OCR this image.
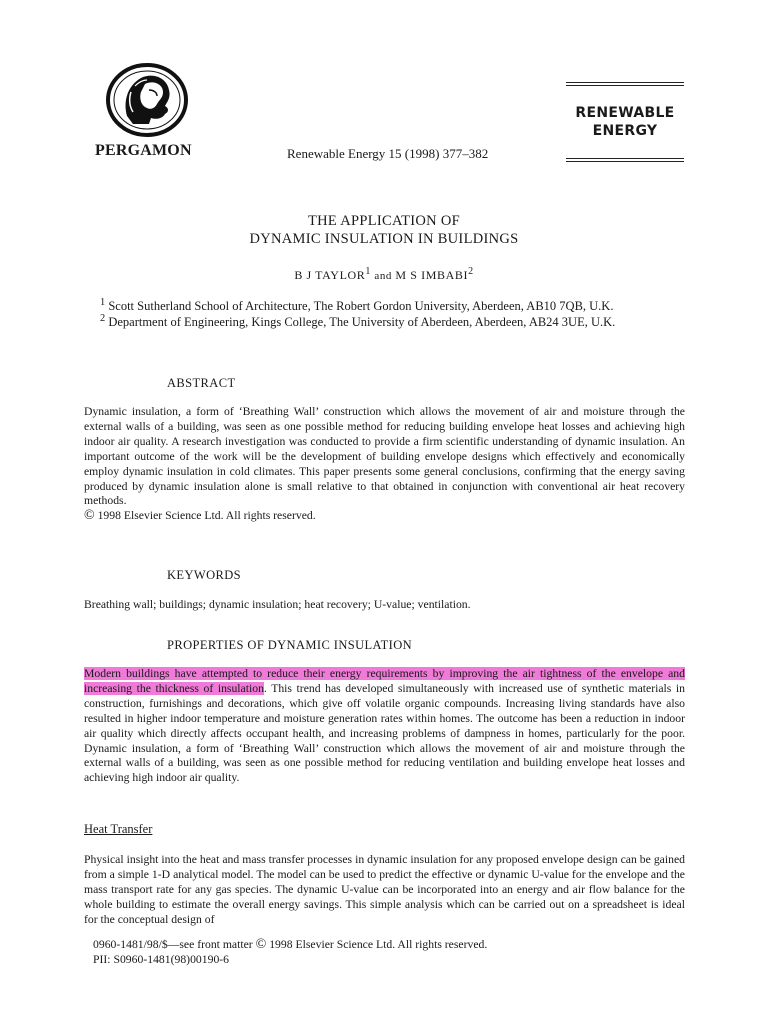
PERGAMON	Renewable Energy 15 (1998) 377–382
RENEWABLE
ENERGY
THE APPLICATION OF
DYNAMIC INSULATION IN BUILDINGS
B J TAYLOR$^1$ and M S IMBABI$^2$
$^1$ Scott Sutherland School of Architecture, The Robert Gordon University, Aberdeen, AB10 7QB, U.K.
$^2$ Department of Engineering, Kings College, The University of Aberdeen, Aberdeen, AB24 3UE, U.K.
ABSTRACT

Dynamic insulation, a form of ‘Breathing Wall’ construction which allows the movement of air and moisture through the external walls of a building, was seen as one possible method for reducing building envelope heat losses and achieving high indoor air quality. A research investigation was conducted to provide a firm scientific understanding of dynamic insulation. An important outcome of the work will be the development of building envelope designs which effectively and economically employ dynamic insulation in cold climates. This paper presents some general conclusions, confirming that the energy saving produced by dynamic insulation alone is small relative to that obtained in conjunction with conventional air heat recovery methods.
© 1998 Elsevier Science Ltd. All rights reserved.

KEYWORDS

Breathing wall; buildings; dynamic insulation; heat recovery; U-value; ventilation.

PROPERTIES OF DYNAMIC INSULATION

Modern buildings have attempted to reduce their energy requirements by improving the air tightness of the envelope and increasing the thickness of insulation. This trend has developed simultaneously with increased use of synthetic materials in construction, furnishings and decorations, which give off volatile organic compounds. Increasing living standards have also resulted in higher indoor temperature and moisture generation rates within homes. The outcome has been a reduction in indoor air quality which directly affects occupant health, and increasing problems of dampness in homes, particularly for the poor. Dynamic insulation, a form of ‘Breathing Wall’ construction which allows the movement of air and moisture through the external walls of a building, was seen as one possible method for reducing ventilation and building envelope heat losses and achieving high indoor air quality.

Heat Transfer

Physical insight into the heat and mass transfer processes in dynamic insulation for any proposed envelope design can be gained from a simple 1-D analytical model. The model can be used to predict the effective or dynamic U-value for the envelope and the mass transport rate for any gas species. The dynamic U-value can be incorporated into an energy and air flow balance for the whole building to estimate the overall energy savings. This simple analysis which can be carried out on a spreadsheet is ideal for the conceptual design of

0960-1481/98/$—see front matter © 1998 Elsevier Science Ltd. All rights reserved.
PII: S0960-1481(98)00190-6
